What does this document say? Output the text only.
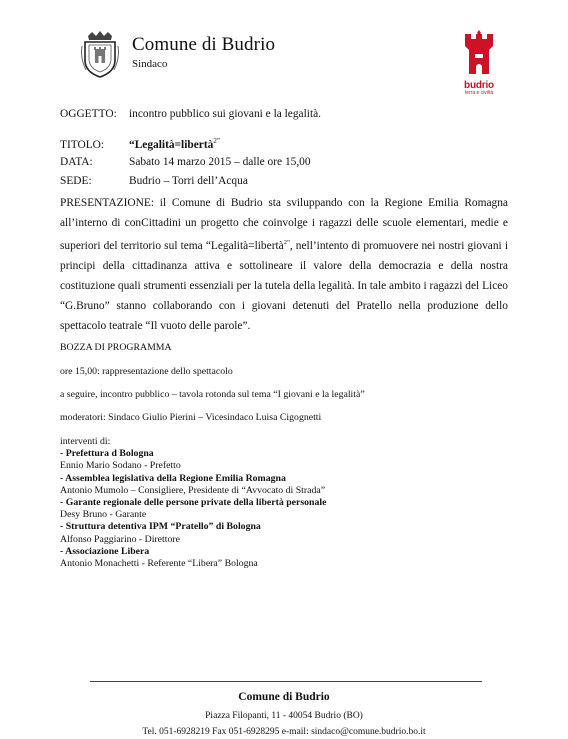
Comune di Budrio
Sindaco
budrio
terra e civiltà
OGGETTO: incontro pubblico sui giovani e la legalità.
TITOLO: “Legalità=libertà$^{2”}$
DATA:	Sabato 14 marzo 2015 – dalle ore 15,00
SEDE:	Budrio – Torri dell’Acqua
PRESENTAZIONE: il Comune di Budrio sta sviluppando con la Regione Emilia Romagna all’interno di conCittadini un progetto che coinvolge i ragazzi delle scuole elementari, medie e superiori del territorio sul tema “Legalità=libertà$^{2”}$, nell’intento di promuovere nei nostri giovani i principi della cittadinanza attiva e sottolineare il valore della democrazia e della nostra costituzione quali strumenti essenziali per la tutela della legalità. In tale ambito i ragazzi del Liceo “G.Bruno” stanno collaborando con i giovani detenuti del Pratello nella produzione dello spettacolo teatrale “Il vuoto delle parole”.
BOZZA DI PROGRAMMA
ore 15,00: rappresentazione dello spettacolo
a seguire, incontro pubblico – tavola rotonda sul tema “I giovani e la legalità”
moderatori: Sindaco Giulio Pierini – Vicesindaco Luisa Cigognetti
interventi di:
- Prefettura d Bologna
Ennio Mario Sodano - Prefetto
- Assemblea legislativa della Regione Emilia Romagna
Antonio Mumolo – Consigliere, Presidente di “Avvocato di Strada”
- Garante regionale delle persone private della libertà personale
Desy Bruno - Garante
- Struttura detentiva IPM “Pratello” di Bologna
Alfonso Paggiarino - Direttore
- Associazione Libera
Antonio Monachetti - Referente “Libera” Bologna
Comune di Budrio
Piazza Filopanti, 11 - 40054 Budrio (BO)
Tel. 051-6928219 Fax 051-6928295 e-mail: sindaco@comune.budrio.bo.it
